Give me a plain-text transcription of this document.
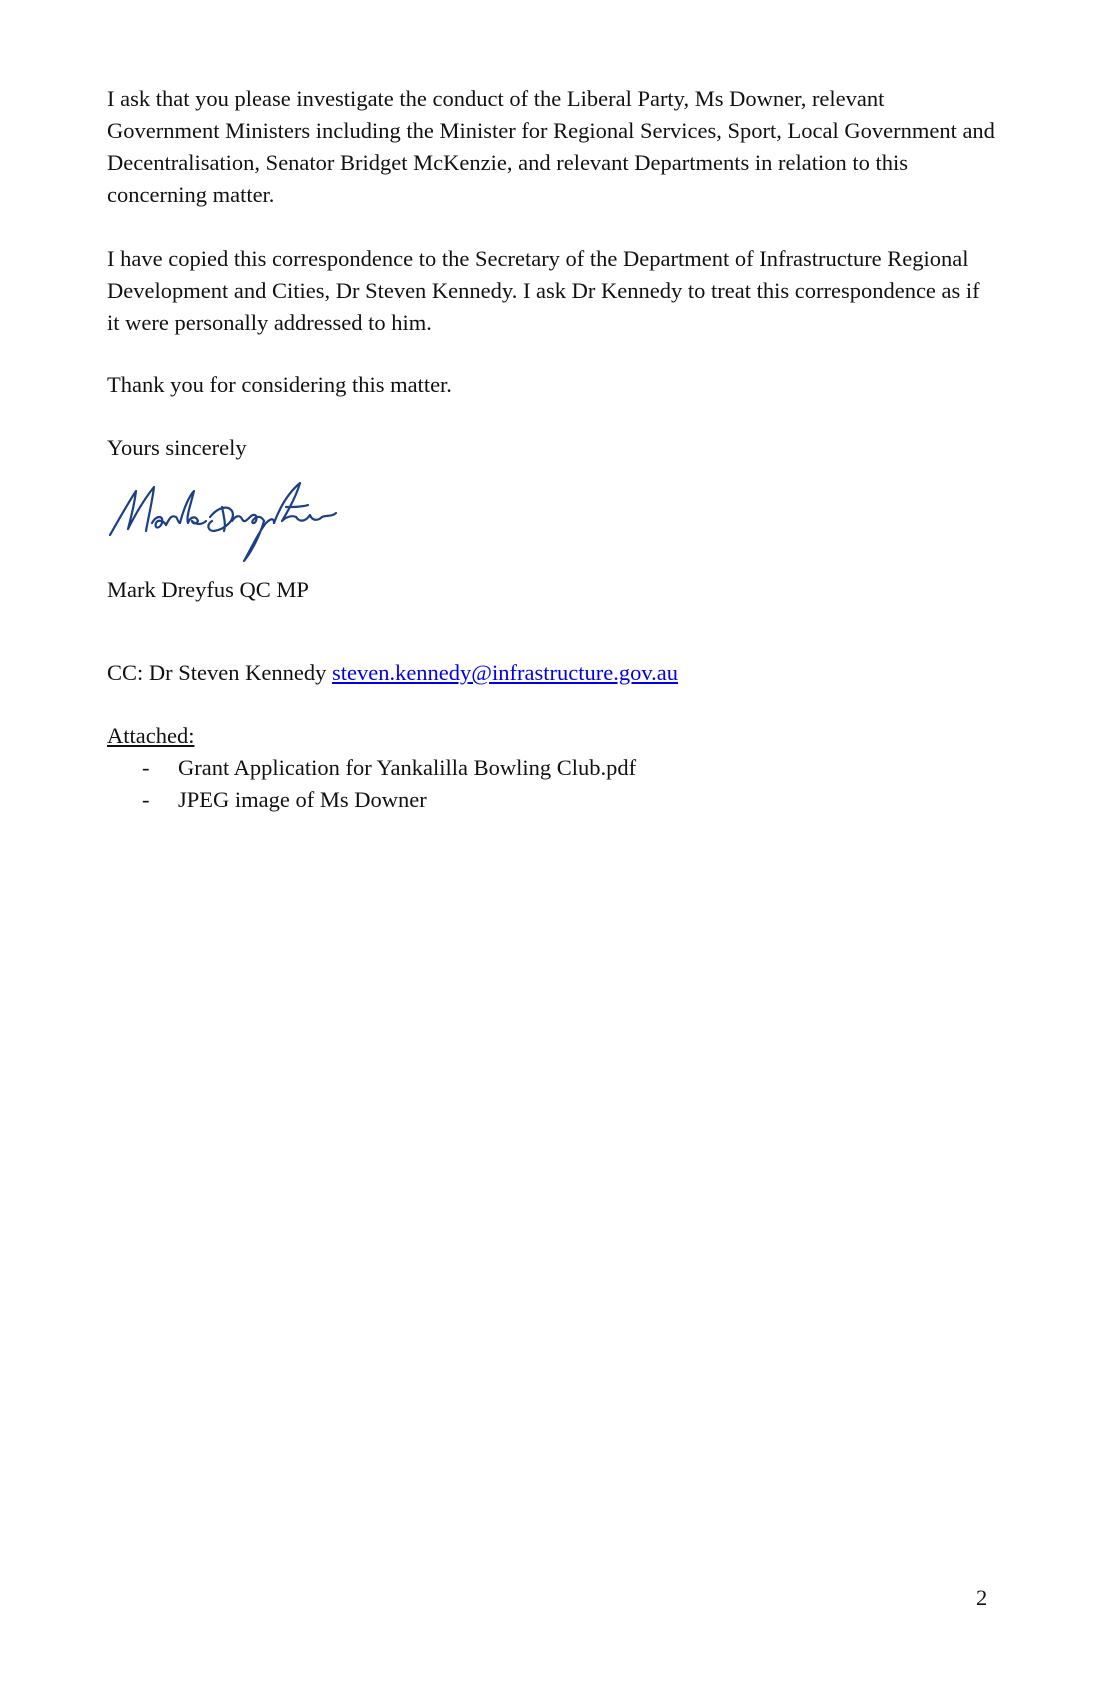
I ask that you please investigate the conduct of the Liberal Party, Ms Downer, relevant Government Ministers including the Minister for Regional Services, Sport, Local Government and Decentralisation, Senator Bridget McKenzie, and relevant Departments in relation to this concerning matter.

I have copied this correspondence to the Secretary of the Department of Infrastructure Regional Development and Cities, Dr Steven Kennedy. I ask Dr Kennedy to treat this correspondence as if it were personally addressed to him.

Thank you for considering this matter.

Yours sincerely

Mark Dreyfus QC MP

CC: Dr Steven Kennedy steven.kennedy@infrastructure.gov.au

Attached:

- Grant Application for Yankalilla Bowling Club.pdf
- JPEG image of Ms Downer
2
